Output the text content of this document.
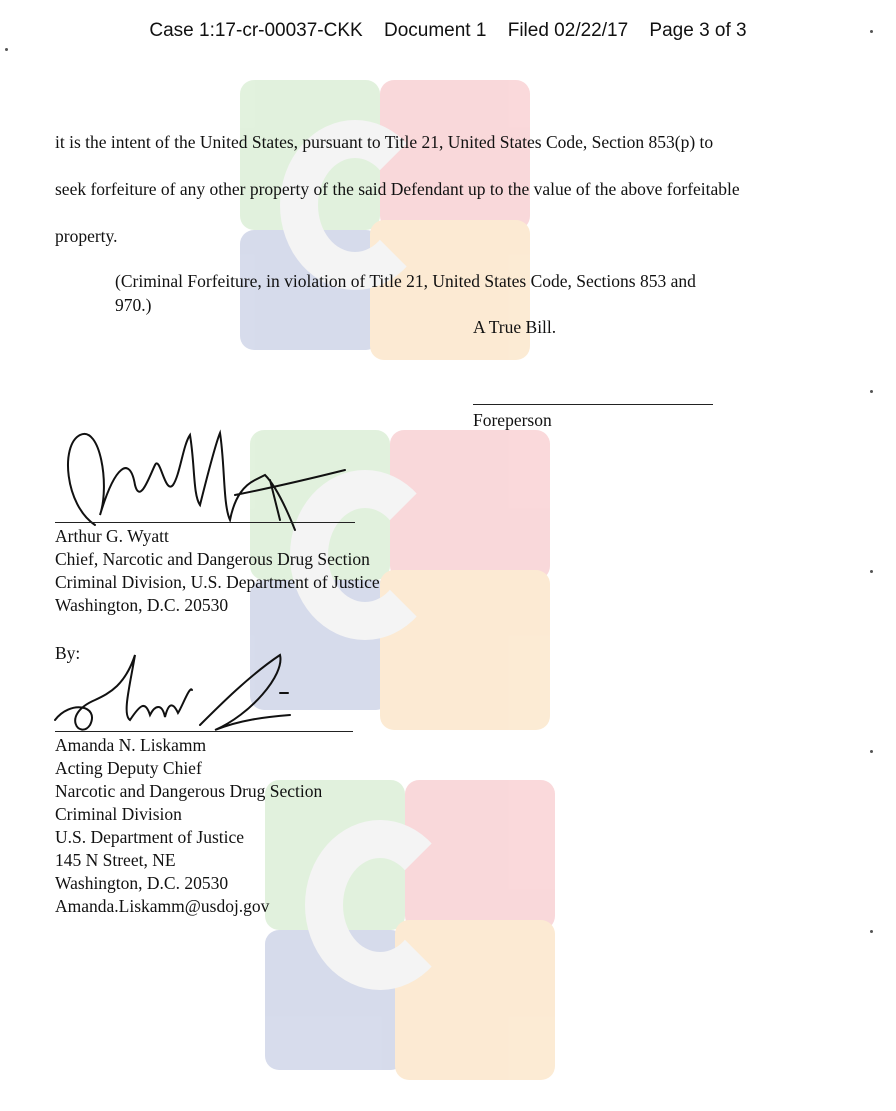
Case 1:17-cr-00037-CKK Document 1 Filed 02/22/17 Page 3 of 3
it is the intent of the United States, pursuant to Title 21, United States Code, Section 853(p) to
seek forfeiture of any other property of the said Defendant up to the value of the above forfeitable
property.
(Criminal Forfeiture, in violation of Title 21, United States Code, Sections 853 and
970.)
A True Bill.
Foreperson
Arthur G. Wyatt
Chief, Narcotic and Dangerous Drug Section
Criminal Division, U.S. Department of Justice
Washington, D.C. 20530
By:
Amanda N. Liskamm
Acting Deputy Chief
Narcotic and Dangerous Drug Section
Criminal Division
U.S. Department of Justice
145 N Street, NE
Washington, D.C. 20530
Amanda.Liskamm@usdoj.gov
